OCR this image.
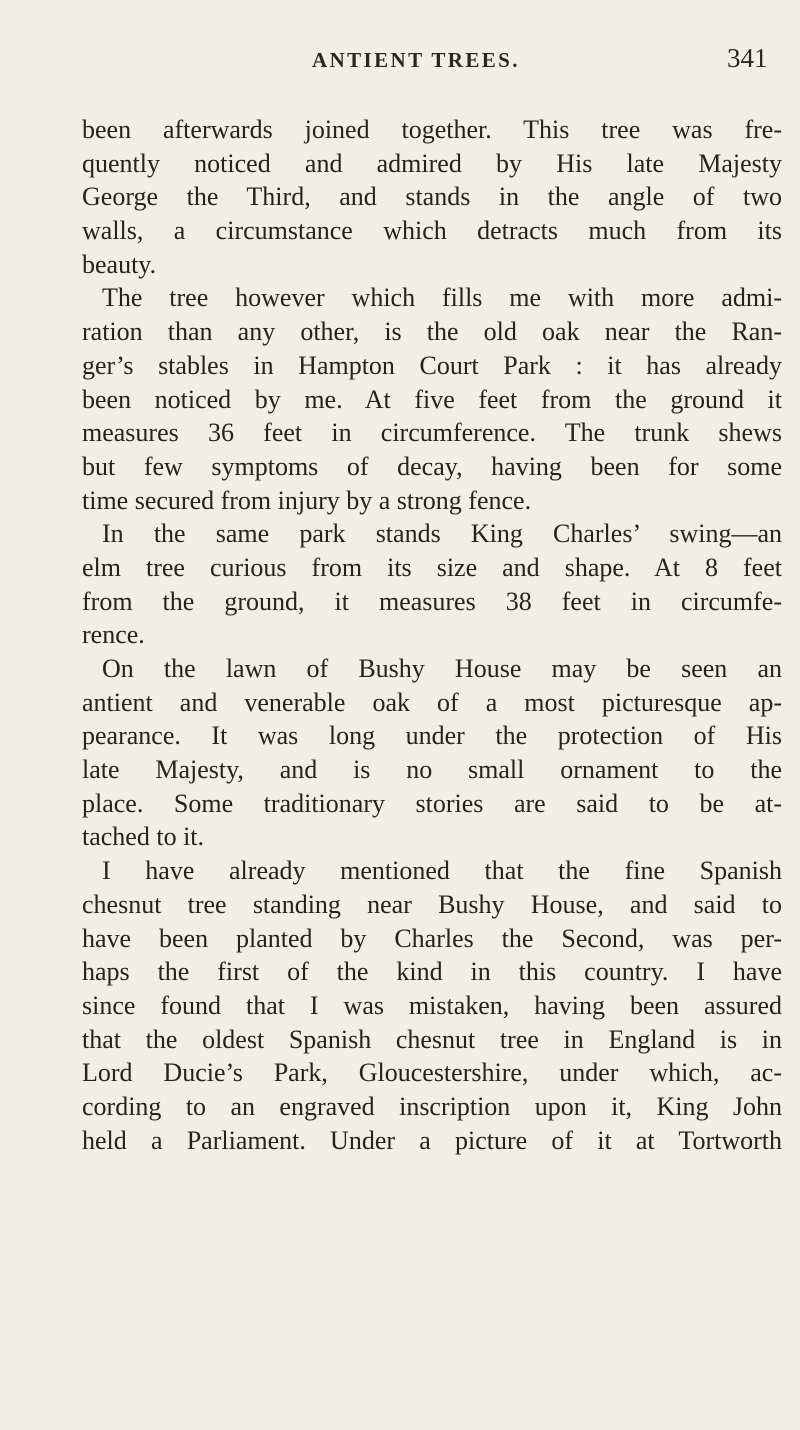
ANTIENT TREES.	341
been afterwards joined together. This tree was fre-
quently noticed and admired by His late Majesty
George the Third, and stands in the angle of two
walls, a circumstance which detracts much from its
beauty.
The tree however which fills me with more admi-
ration than any other, is the old oak near the Ran-
ger’s stables in Hampton Court Park : it has already
been noticed by me. At five feet from the ground it
measures 36 feet in circumference. The trunk shews
but few symptoms of decay, having been for some
time secured from injury by a strong fence.
In the same park stands King Charles’ swing—an
elm tree curious from its size and shape. At 8 feet
from the ground, it measures 38 feet in circumfe-
rence.
On the lawn of Bushy House may be seen an
antient and venerable oak of a most picturesque ap-
pearance. It was long under the protection of His
late Majesty, and is no small ornament to the
place. Some traditionary stories are said to be at-
tached to it.
I have already mentioned that the fine Spanish
chesnut tree standing near Bushy House, and said to
have been planted by Charles the Second, was per-
haps the first of the kind in this country. I have
since found that I was mistaken, having been assured
that the oldest Spanish chesnut tree in England is in
Lord Ducie’s Park, Gloucestershire, under which, ac-
cording to an engraved inscription upon it, King John
held a Parliament. Under a picture of it at Tortworth
